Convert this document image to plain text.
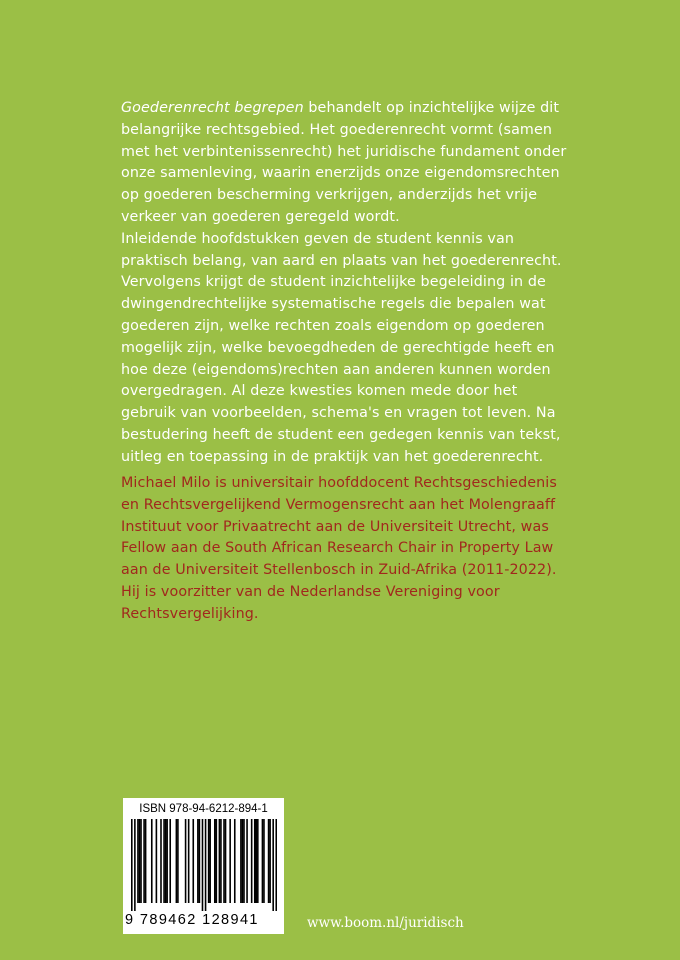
Goederenrecht begrepen behandelt op inzichtelijke wijze dit belangrijke rechtsgebied. Het goederenrecht vormt (samen met het verbintenissenrecht) het juridische fundament onder onze samenleving, waarin enerzijds onze eigendomsrechten op goederen bescherming verkrijgen, anderzijds het vrije verkeer van goederen geregeld wordt.
Inleidende hoofdstukken geven de student kennis van praktisch belang, van aard en plaats van het goederenrecht. Vervolgens krijgt de student inzichtelijke begeleiding in de dwingendrechtelijke systematische regels die bepalen wat goederen zijn, welke rechten zoals eigendom op goederen mogelijk zijn, welke bevoegdheden de gerechtigde heeft en hoe deze (eigendoms)rechten aan anderen kunnen worden overgedragen. Al deze kwesties komen mede door het gebruik van voorbeelden, schema's en vragen tot leven. Na bestudering heeft de student een gedegen kennis van tekst, uitleg en toepassing in de praktijk van het goederenrecht.

Michael Milo is universitair hoofddocent Rechtsgeschiedenis en Rechtsvergelijkend Vermogensrecht aan het Molengraaff Instituut voor Privaatrecht aan de Universiteit Utrecht, was Fellow aan de South African Research Chair in Property Law aan de Universiteit Stellenbosch in Zuid-Afrika (2011-2022). Hij is voorzitter van de Nederlandse Vereniging voor Rechtsvergelijking.

ISBN 978-94-6212-894-1
9 789462 128941	www.boom.nl/juridisch
